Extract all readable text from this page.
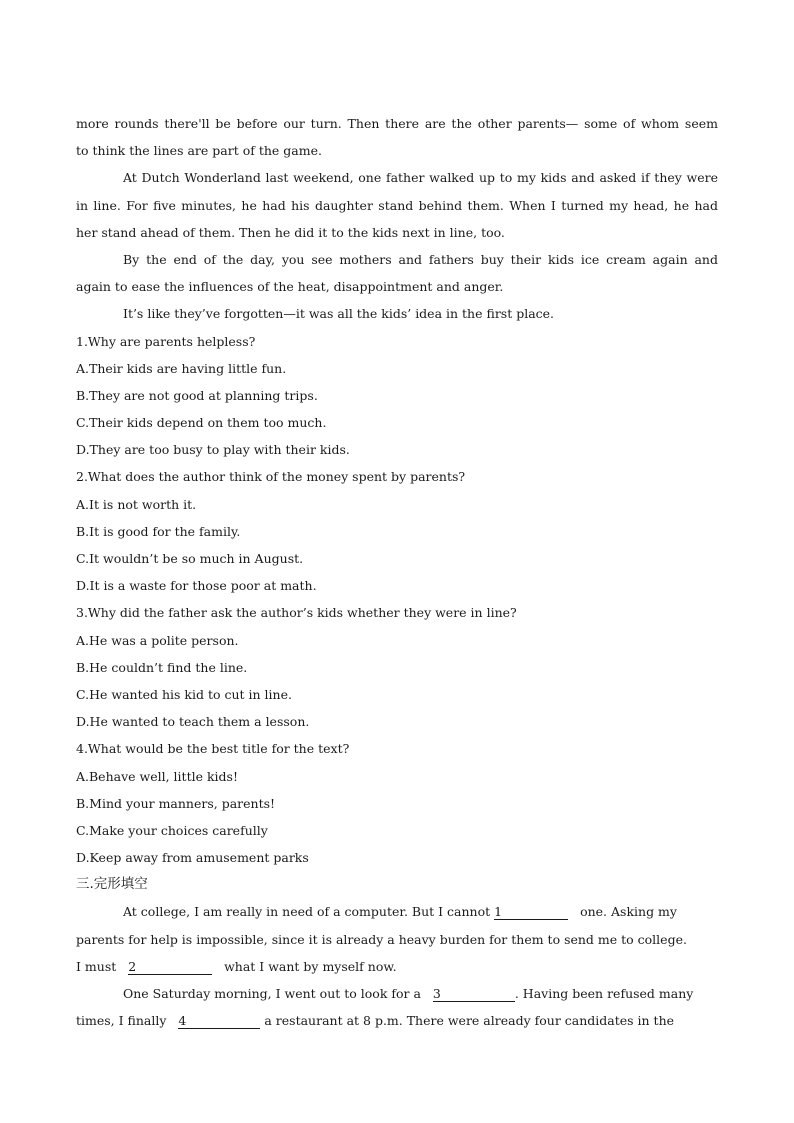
more rounds there'll be before our turn. Then there are the other parents— some of whom seem
to think the lines are part of the game.
At Dutch Wonderland last weekend, one father walked up to my kids and asked if they were
in line. For five minutes, he had his daughter stand behind them. When I turned my head, he had
her stand ahead of them. Then he did it to the kids next in line, too.
By the end of the day, you see mothers and fathers buy their kids ice cream again and
again to ease the influences of the heat, disappointment and anger.
It’s like they’ve forgotten—it was all the kids’ idea in the first place.
1.Why are parents helpless?
A.Their kids are having little fun.
B.They are not good at planning trips.
C.Their kids depend on them too much.
D.They are too busy to play with their kids.
2.What does the author think of the money spent by parents?
A.It is not worth it.
B.It is good for the family.
C.It wouldn’t be so much in August.
D.It is a waste for those poor at math.
3.Why did the father ask the author’s kids whether they were in line?
A.He was a polite person.
B.He couldn’t find the line.
C.He wanted his kid to cut in line.
D.He wanted to teach them a lesson.
4.What would be the best title for the text?
A.Behave well, little kids!
B.Mind your manners, parents!
C.Make your choices carefully
D.Keep away from amusement parks
三.完形填空
At college, I am really in need of a computer. But I cannot 1	one. Asking my
parents for help is impossible, since it is already a heavy burden for them to send me to college.
I must 2	what I want by myself now.
One Saturday morning, I went out to look for a 3	. Having been refused many
times, I finally 4	a restaurant at 8 p.m. There were already four candidates in the
